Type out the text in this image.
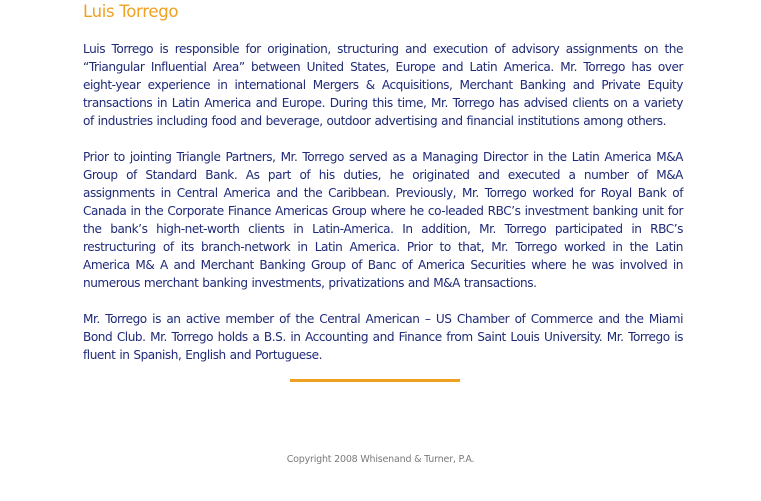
Luis Torrego

Luis Torrego is responsible for origination, structuring and execution of advisory assignments on the “Triangular Influential Area” between United States, Europe and Latin America. Mr. Torrego has over eight-year experience in international Mergers & Acquisitions, Merchant Banking and Private Equity transactions in Latin America and Europe. During this time, Mr. Torrego has advised clients on a variety of industries including food and beverage, outdoor advertising and financial institutions among others.

Prior to jointing Triangle Partners, Mr. Torrego served as a Managing Director in the Latin America M&A Group of Standard Bank. As part of his duties, he originated and executed a number of M&A assignments in Central America and the Caribbean. Previously, Mr. Torrego worked for Royal Bank of Canada in the Corporate Finance Americas Group where he co-leaded RBC’s investment banking unit for the bank’s high-net-worth clients in Latin-America. In addition, Mr. Torrego participated in RBC’s restructuring of its branch-network in Latin America. Prior to that, Mr. Torrego worked in the Latin America M& A and Merchant Banking Group of Banc of America Securities where he was involved in numerous merchant banking investments, privatizations and M&A transactions.

Mr. Torrego is an active member of the Central American – US Chamber of Commerce and the Miami Bond Club. Mr. Torrego holds a B.S. in Accounting and Finance from Saint Louis University. Mr. Torrego is fluent in Spanish, English and Portuguese.

Copyright 2008 Whisenand & Turner, P.A.
